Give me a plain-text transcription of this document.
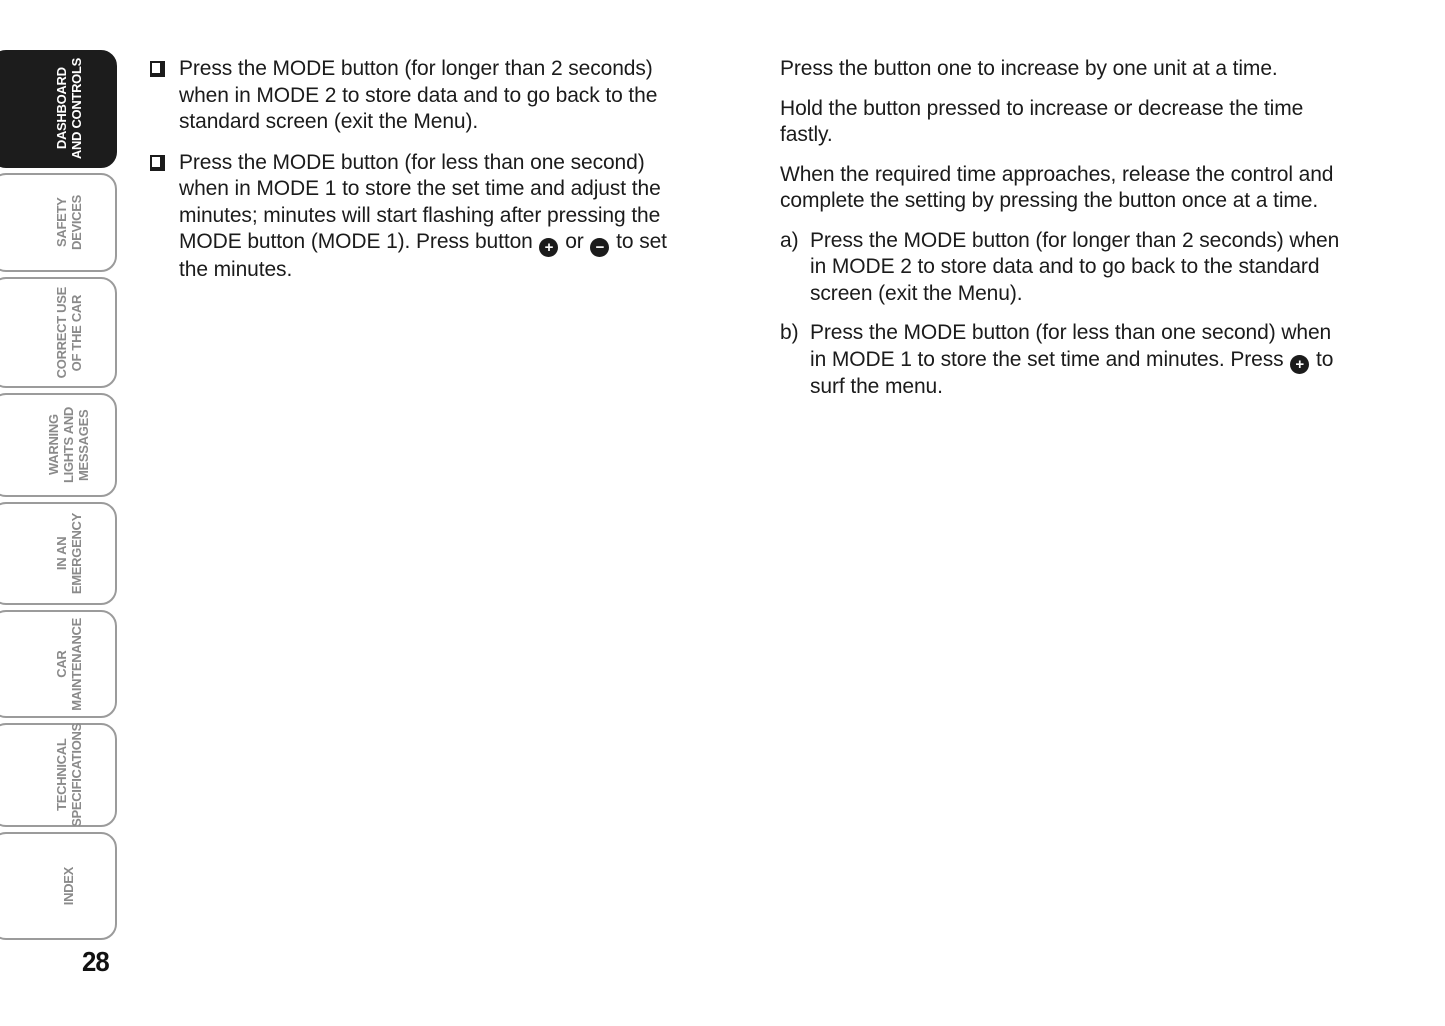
DASHBOARD AND CONTROLS
SAFETY DEVICES
CORRECT USE OF THE CAR
WARNING LIGHTS AND MESSAGES
IN AN EMERGENCY
CAR MAINTENANCE
TECHNICAL SPECIFICATIONS
INDEX
Press the MODE button (for longer than 2 seconds) when in MODE 2 to store data and to go back to the standard screen (exit the Menu).
Press the MODE button (for less than one second) when in MODE 1 to store the set time and adjust the minutes; minutes will start flashing after pressing the MODE button (MODE 1). Press button + or − to set the minutes.

Press the button one to increase by one unit at a time.

Hold the button pressed to increase or decrease the time fastly.

When the required time approaches, release the control and complete the setting by pressing the button once at a time.

a) Press the MODE button (for longer than 2 seconds) when in MODE 2 to store data and to go back to the standard screen (exit the Menu).
b) Press the MODE button (for less than one second) when in MODE 1 to store the set time and minutes. Press + to surf the menu.
28
